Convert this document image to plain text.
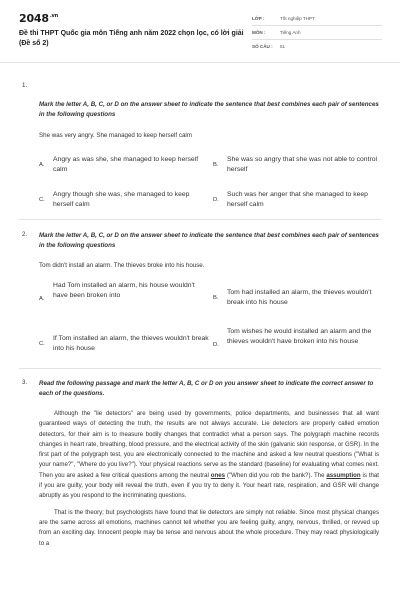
$2048^{.vn}$
Đề thi THPT Quốc gia môn Tiếng anh năm 2022 chọn lọc, có lời giải (Đề số 2)
LỚP :	Tốt nghiệp THPT
MÔN :	Tiếng Anh
SỐ CÂU : 51
1.
Mark the letter A, B, C, or D on the answer sheet to indicate the sentence that best combines each pair of sentences in the following questions
She was very angry. She managed to keep herself calm
A.
Angry as was she, she managed to keep herself calm
B.
She was so angry that she was not able to control herself
C.
Angry though she was, she managed to keep herself calm
D.
Such was her anger that she managed to keep herself calm
2. Mark the letter A, B, C, or D on the answer sheet to indicate the sentence that best combines each pair of sentences in the following questions
Tom didn't install an alarm. The thieves broke into his house.
A.
Had Tom installed an alarm, his house wouldn't have been broken into	B.
Tom had installed an alarm, the thieves wouldn't break into his house
C.
If Tom installed an alarm, the thieves wouldn't break into his house	D.
Tom wishes he would installed an alarm and the thieves wouldn't have broken into his house
3. Read the following passage and mark the letter A, B, C or D on you answer sheet to indicate the correct answer to each of the questions.

Although the "lie detectors" are being used by governments, police departments, and businesses that all want guaranteed ways of detecting the truth, the results are not always accurate. Lie detectors are properly called emotion detectors, for their aim is to measure bodily changes that contradict what a person says. The polygraph machine records changes in heart rate, breathing, blood pressure, and the electrical activity of the skin (galvanic skin response, or GSR). In the first part of the polygraph test, you are electronically connected to the machine and asked a few neutral questions ("What is your name?", "Where do you live?"). Your physical reactions serve as the standard (baseline) for evaluating what comes next. Then you are asked a few critical questions among the neutral ones ("When did you rob the bank?). The assumption is that if you are guilty, your body will reveal the truth, even if you try to deny it. Your heart rate, respiration, and GSR will change abruptly as you respond to the incriminating questions.

That is the theory; but psychologists have found that lie detectors are simply not reliable. Since most physical changes are the same across all emotions, machines cannot tell whether you are feeling guilty, angry, nervous, thrilled, or revved up from an exciting day. Innocent people may be tense and nervous about the whole procedure. They may react physiologically to a
